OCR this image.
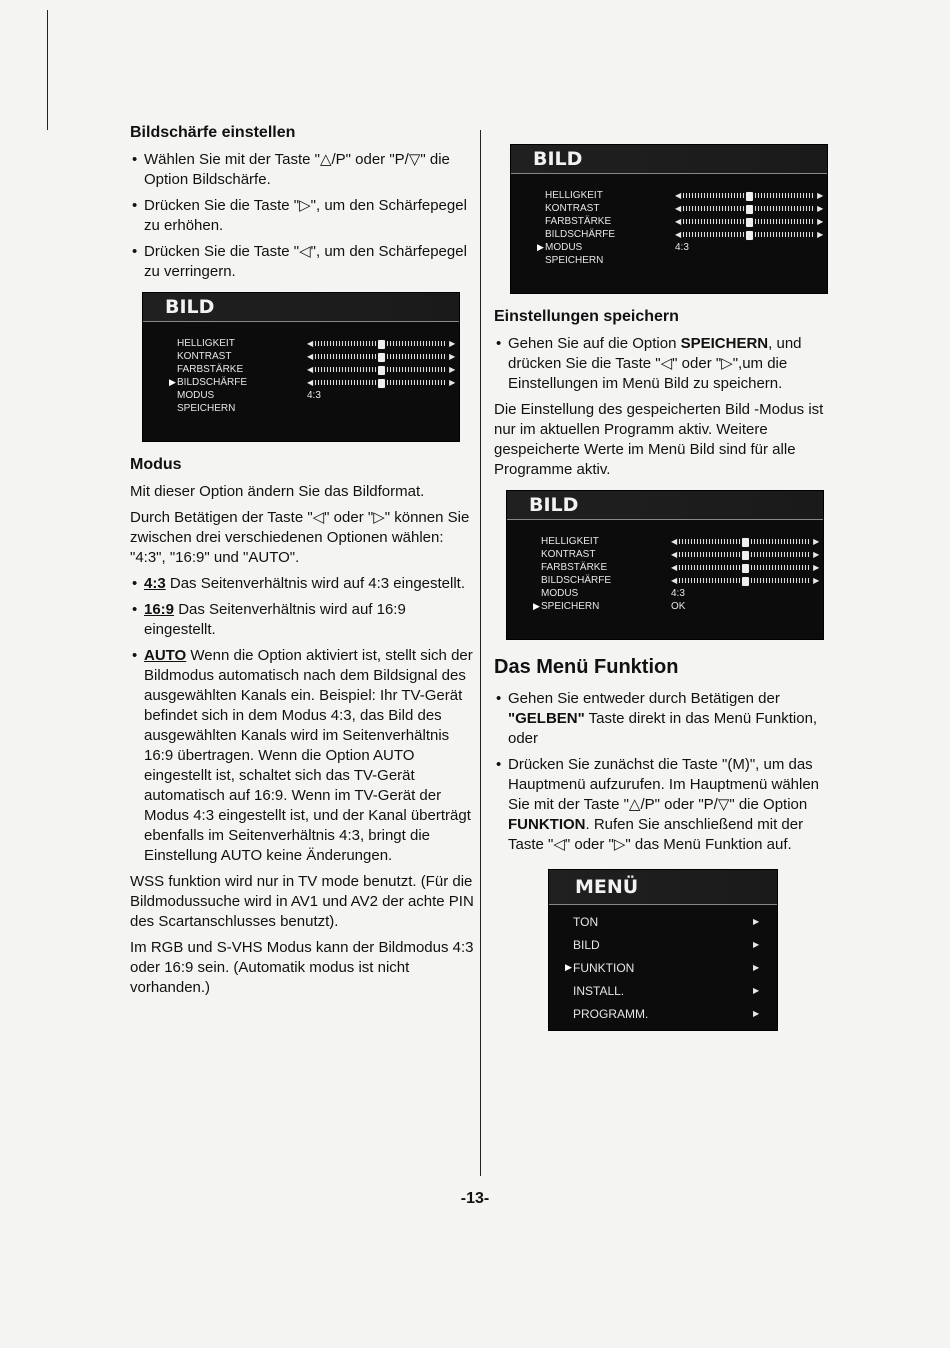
Bildschärfe einstellen
• Wählen Sie mit der Taste "△/P" oder "P/▽" die Option Bildschärfe.
• Drücken Sie die Taste "▷", um den Schärfepegel zu erhöhen.
• Drücken Sie die Taste "◁", um den Schärfepegel zu verringern.
BILD
HELLIGKEIT	◀	▶
KONTRAST	◀	▶
FARBSTÄRKE	◀	▶
▶ BILDSCHÄRFE	◀	▶
MODUS	4:3
SPEICHERN
Modus

Mit dieser Option ändern Sie das Bildformat.

Durch Betätigen der Taste "◁" oder "▷" können Sie zwischen drei verschiedenen Optionen wählen: "4:3", "16:9" und "AUTO".

• 4:3 Das Seitenverhältnis wird auf 4:3 eingestellt.
• 16:9 Das Seitenverhältnis wird auf 16:9 eingestellt.
• AUTO Wenn die Option aktiviert ist, stellt sich der Bildmodus automatisch nach dem Bildsignal des ausgewählten Kanals ein. Beispiel: Ihr TV-Gerät befindet sich in dem Modus 4:3, das Bild des ausgewählten Kanals wird im Seitenverhältnis 16:9 übertragen. Wenn die Option AUTO eingestellt ist, schaltet sich das TV-Gerät automatisch auf 16:9. Wenn im TV-Gerät der Modus 4:3 eingestellt ist, und der Kanal überträgt ebenfalls im Seitenverhältnis 4:3, bringt die Einstellung AUTO keine Änderungen.

WSS funktion wird nur in TV mode benutzt. (Für die Bildmodussuche wird in AV1 und AV2 der achte PIN des Scartanschlusses benutzt).

Im RGB und S-VHS Modus kann der Bildmodus 4:3 oder 16:9 sein. (Automatik modus ist nicht vorhanden.)

BILD
HELLIGKEIT	◀	▶
KONTRAST	◀	▶
FARBSTÄRKE	◀	▶
BILDSCHÄRFE	◀	▶
▶ MODUS	4:3
SPEICHERN
Einstellungen speichern
• Gehen Sie auf die Option SPEICHERN, und drücken Sie die Taste "◁" oder "▷",um die Einstellungen im Menü Bild zu speichern.

Die Einstellung des gespeicherten Bild -Modus ist nur im aktuellen Programm aktiv. Weitere gespeicherte Werte im Menü Bild sind für alle Programme aktiv.

BILD
HELLIGKEIT	◀	▶
KONTRAST	◀	▶
FARBSTÄRKE	◀	▶
BILDSCHÄRFE	◀	▶
MODUS	4:3
▶ SPEICHERN	OK
Das Menü Funktion
• Gehen Sie entweder durch Betätigen der "GELBEN" Taste direkt in das Menü Funktion, oder
• Drücken Sie zunächst die Taste "(M)", um das Hauptmenü aufzurufen. Im Hauptmenü wählen Sie mit der Taste "△/P" oder "P/▽" die Option FUNKTION. Rufen Sie anschließend mit der Taste "◁" oder "▷" das Menü Funktion auf.
MENÜ
TON	▶
BILD	▶
▶ FUNKTION	▶
INSTALL.	▶
PROGRAMM.	▶
-13-
